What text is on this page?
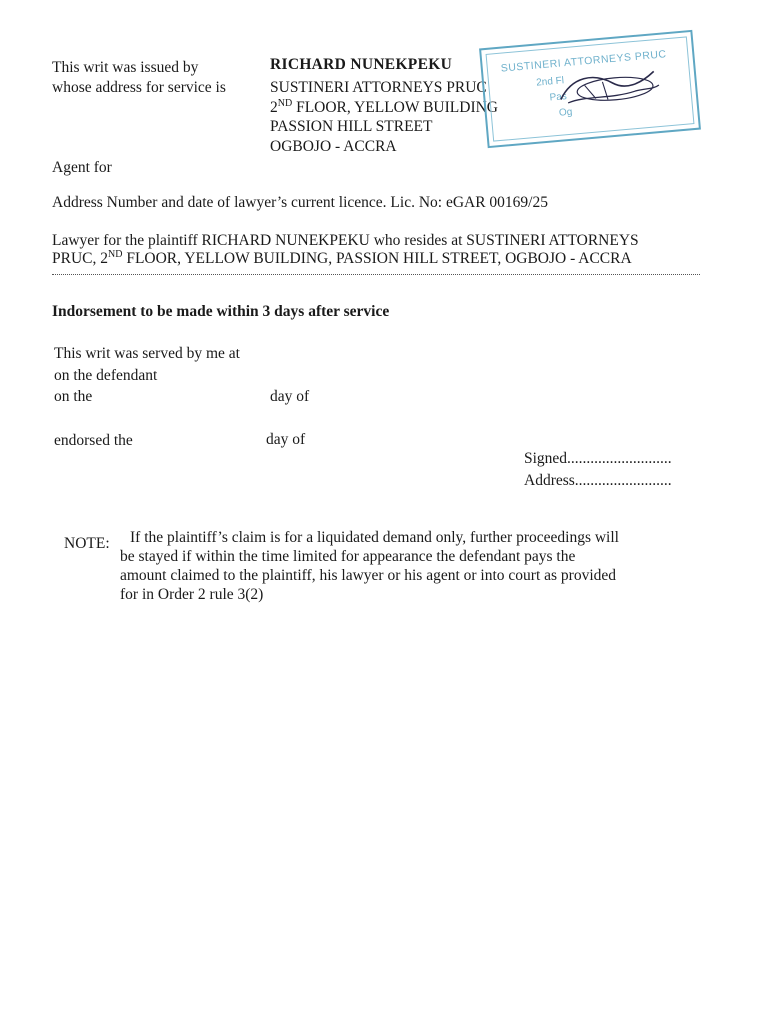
This writ was issued by
whose address for service is
RICHARD NUNEKPEKU
SUSTINERI ATTORNEYS PRUC
2ND FLOOR, YELLOW BUILDING
PASSION HILL STREET
OGBOJO - ACCRA
SUSTINERI ATTORNEYS PRUC
2nd Fl
Pas
Og
Agent for
Address Number and date of lawyer’s current licence. Lic. No: eGAR 00169/25
Lawyer for the plaintiff RICHARD NUNEKPEKU who resides at SUSTINERI ATTORNEYS
PRUC, 2ND FLOOR, YELLOW BUILDING, PASSION HILL STREET, OGBOJO - ACCRA
Indorsement to be made within 3 days after service
This writ was served by me at
on the defendant
on the	day of
endorsed the	day of
Signed...........................
Address.........................
NOTE: If the plaintiff’s claim is for a liquidated demand only, further proceedings will
be stayed if within the time limited for appearance the defendant pays the
amount claimed to the plaintiff, his lawyer or his agent or into court as provided
for in Order 2 rule 3(2)
